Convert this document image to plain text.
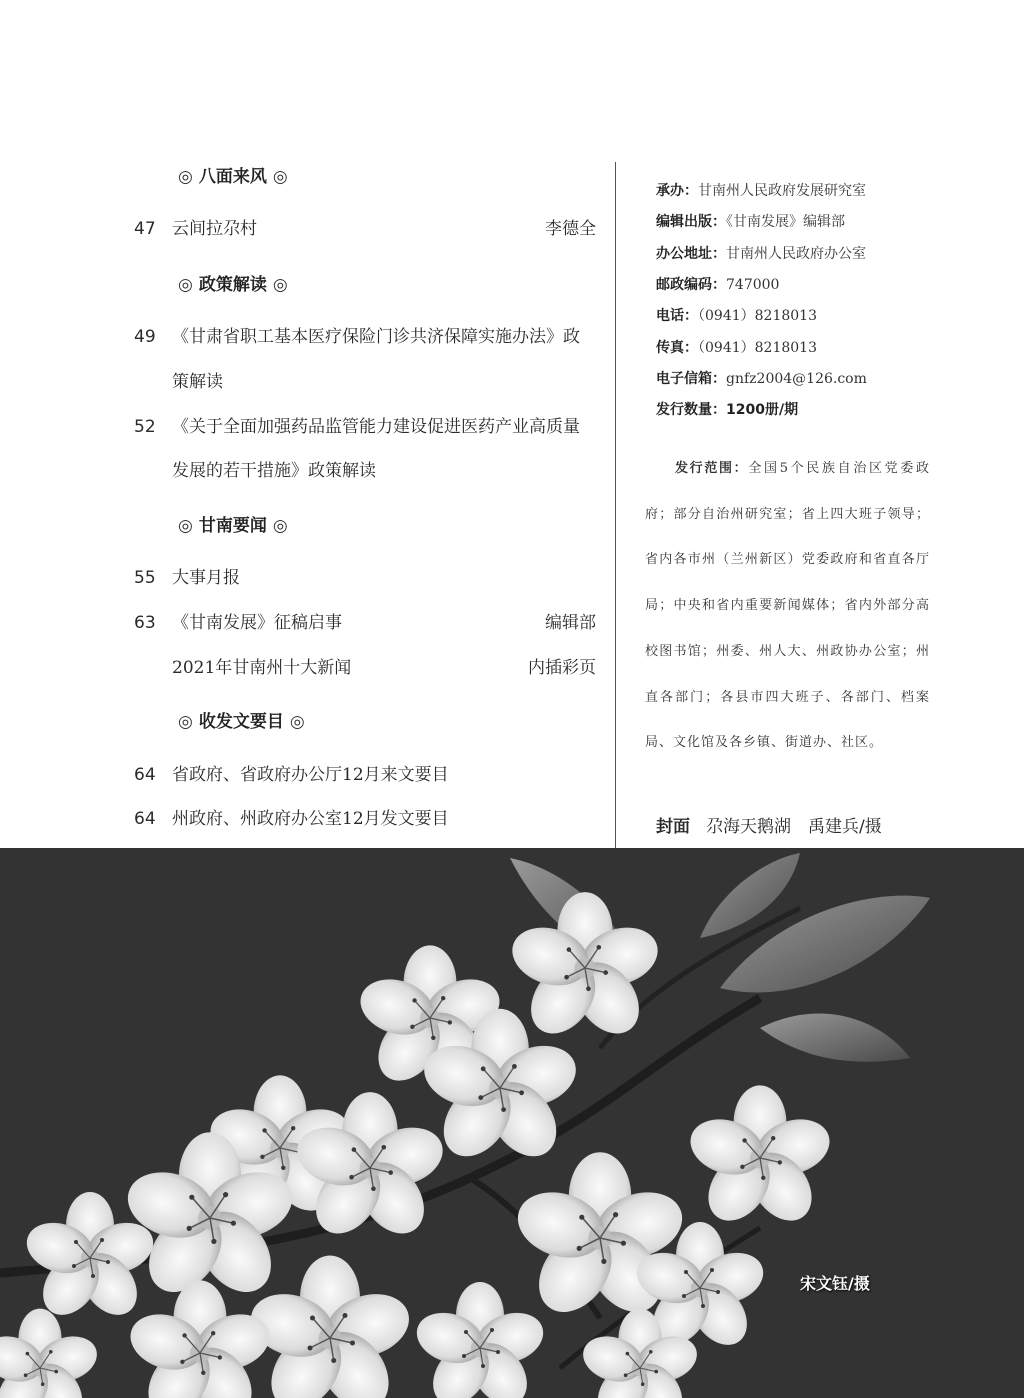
◎ 八面来风 ◎
47 云间拉尕村	李德全
◎ 政策解读 ◎
49 《甘肃省职工基本医疗保险门诊共济保障实施办法》政
策解读
52 《关于全面加强药品监管能力建设促进医药产业高质量
发展的若干措施》政策解读
◎ 甘南要闻 ◎
55 大事月报
63 《甘南发展》征稿启事	编辑部
2021年甘南州十大新闻	内插彩页
◎ 收发文要目 ◎
64 省政府、省政府办公厅12月来文要目
64 州政府、州政府办公室12月发文要目
承办：甘南州人民政府发展研究室
编辑出版：《甘南发展》编辑部
办公地址：甘南州人民政府办公室
邮政编码：747000
电话：（0941）8218013
传真：（0941）8218013
电子信箱：gnfz2004@126.com
发行数量：1200册/期
发行范围：全国5个民族自治区党委政府；部分自治州研究室；省上四大班子领导；省内各市州（兰州新区）党委政府和省直各厅局；中央和省内重要新闻媒体；省内外部分高校图书馆；州委、州人大、州政协办公室；州直各部门；各县市四大班子、各部门、档案局、文化馆及各乡镇、街道办、社区。
封面 尕海天鹅湖　禹建兵/摄
宋文钰/摄
